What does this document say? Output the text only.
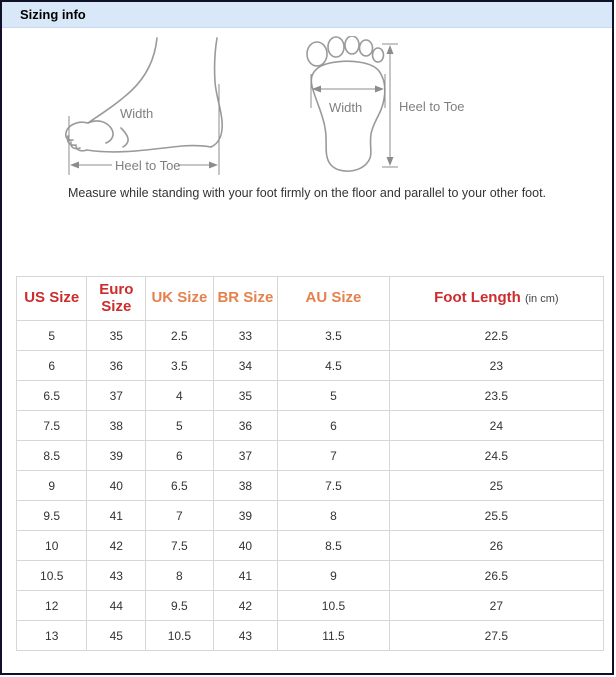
Sizing info
Width
Heel to Toe
Width	Heel to Toe
Measure while standing with your foot firmly on the floor and parallel to your other foot.
US Size	Euro Size	UK Size	BR Size	AU Size	Foot Length (in cm)
5	35	2.5	33	3.5	22.5
6	36	3.5	34	4.5	23
6.5	37	4	35	5	23.5
7.5	38	5	36	6	24
8.5	39	6	37	7	24.5
9	40	6.5	38	7.5	25
9.5	41	7	39	8	25.5
10	42	7.5	40	8.5	26
10.5	43	8	41	9	26.5
12	44	9.5	42	10.5	27
13	45	10.5	43	11.5	27.5
